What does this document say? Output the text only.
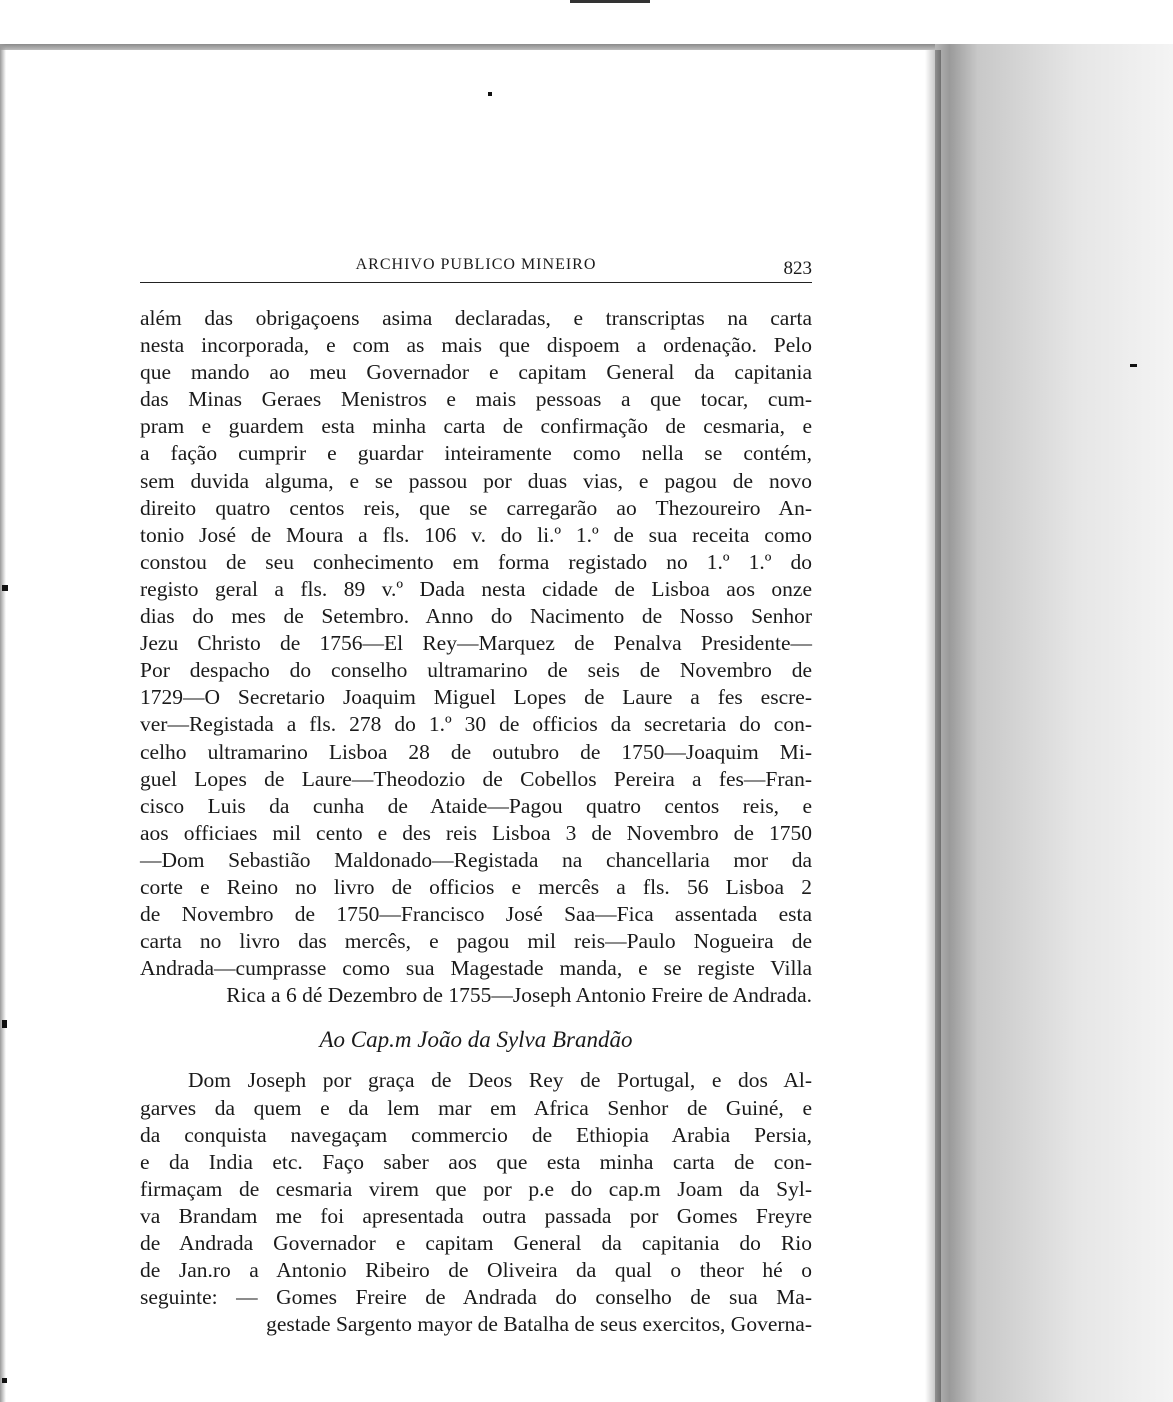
ARCHIVO PUBLICO MINEIRO	823

além das obrigaçoens asima declaradas, e transcriptas na carta
nesta incorporada, e com as mais que dispoem a ordenação. Pelo
que mando ao meu Governador e capitam General da capitania
das Minas Geraes Menistros e mais pessoas a que tocar, cum-
pram e guardem esta minha carta de confirmação de cesmaria, e
a fação cumprir e guardar inteiramente como nella se contém,
sem duvida alguma, e se passou por duas vias, e pagou de novo
direito quatro centos reis, que se carregarão ao Thezoureiro An-
tonio José de Moura a fls. 106 v. do li.º 1.º de sua receita como
constou de seu conhecimento em forma registado no 1.º 1.º do
registo geral a fls. 89 v.º Dada nesta cidade de Lisboa aos onze
dias do mes de Setembro. Anno do Nacimento de Nosso Senhor
Jezu Christo de 1756—El Rey—Marquez de Penalva Presidente—
Por despacho do conselho ultramarino de seis de Novembro de
1729—O Secretario Joaquim Miguel Lopes de Laure a fes escre-
ver—Registada a fls. 278 do 1.º 30 de officios da secretaria do con-
celho ultramarino Lisboa 28 de outubro de 1750—Joaquim Mi-
guel Lopes de Laure—Theodozio de Cobellos Pereira a fes—Fran-
cisco Luis da cunha de Ataide—Pagou quatro centos reis, e
aos officiaes mil cento e des reis Lisboa 3 de Novembro de 1750
—Dom Sebastião Maldonado—Registada na chancellaria mor da
corte e Reino no livro de officios e mercês a fls. 56 Lisboa 2
de Novembro de 1750—Francisco José Saa—Fica assentada esta
carta no livro das mercês, e pagou mil reis—Paulo Nogueira de
Andrada—cumprasse como sua Magestade manda, e se registe Villa
Rica a 6 dé Dezembro de 1755—Joseph Antonio Freire de Andrada.

Ao Cap.m João da Sylva Brandão

Dom Joseph por graça de Deos Rey de Portugal, e dos Al-
garves da quem e da lem mar em Africa Senhor de Guiné, e
da conquista navegaçam commercio de Ethiopia Arabia Persia,
e da India etc. Faço saber aos que esta minha carta de con-
firmaçam de cesmaria virem que por p.e do cap.m Joam da Syl-
va Brandam me foi apresentada outra passada por Gomes Freyre
de Andrada Governador e capitam General da capitania do Rio
de Jan.ro a Antonio Ribeiro de Oliveira da qual o theor hé o
seguinte: — Gomes Freire de Andrada do conselho de sua Ma-
gestade Sargento mayor de Batalha de seus exercitos, Governa-
